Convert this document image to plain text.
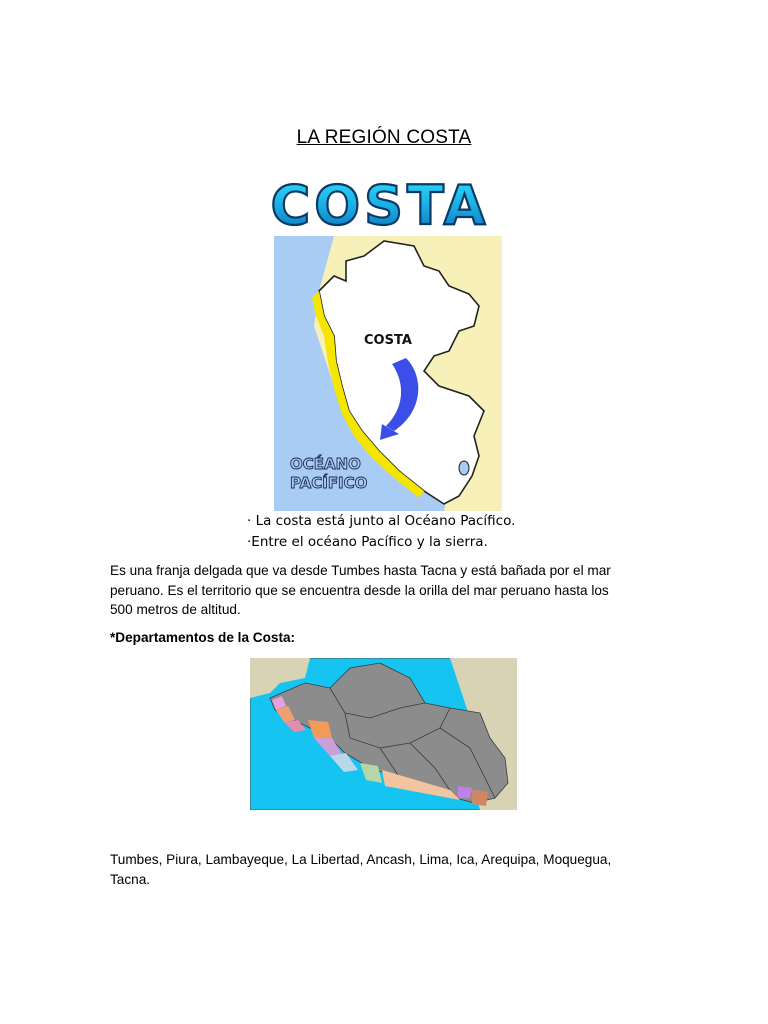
LA REGIÓN COSTA
COSTA
COSTA
OCÉANO
PACÍFICO
· La costa está junto al Océano Pacífico.
·Entre el océano Pacífico y la sierra.
Es una franja delgada que va desde Tumbes hasta Tacna y está bañada por el mar peruano. Es el territorio que se encuentra desde la orilla del mar peruano hasta los 500 metros de altitud.
*Departamentos de la Costa:
Tumbes, Piura, Lambayeque, La Libertad, Ancash, Lima, Ica, Arequipa, Moquegua, Tacna.
